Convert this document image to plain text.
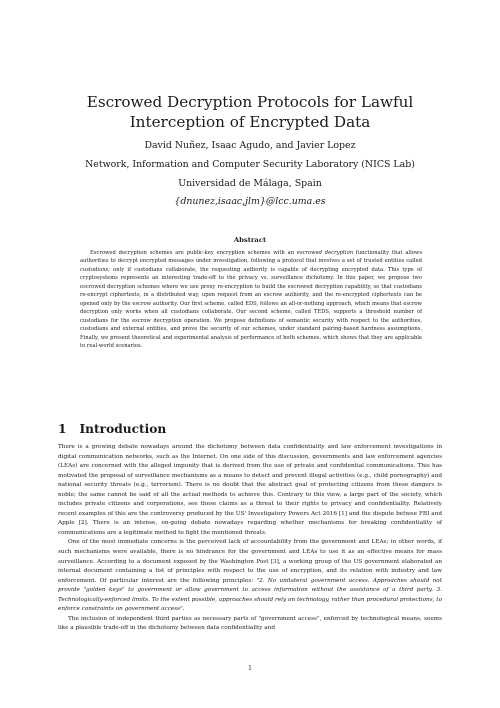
Escrowed Decryption Protocols for Lawful Interception of Encrypted Data

David Nuñez, Isaac Agudo, and Javier Lopez

Network, Information and Computer Security Laboratory (NICS Lab)

Universidad de Málaga, Spain

{dnunez,isaac,jlm}@lcc.uma.es

Abstract

Escrowed decryption schemes are public-key encryption schemes with an escrowed decryption functionality that allows authorities to decrypt encrypted messages under investigation, following a protocol that involves a set of trusted entities called custodians; only if custodians collaborate, the requesting authority is capable of decrypting encrypted data. This type of cryptosystems represents an interesting trade-off to the privacy vs. surveillance dichotomy. In this paper, we propose two escrowed decryption schemes where we use proxy re-encryption to build the escrowed decryption capability, so that custodians re-encrypt ciphertexts, in a distributed way, upon request from an escrow authority, and the re-encrypted ciphertexts can be opened only by the escrow authority. Our first scheme, called EDS, follows an all-or-nothing approach, which means that escrow decryption only works when all custodians collaborate. Our second scheme, called TEDS, supports a threshold number of custodians for the escrow decryption operation. We propose definitions of semantic security with respect to the authorities, custodians and external entities, and prove the security of our schemes, under standard pairing-based hardness assumptions. Finally, we present theoretical and experimental analysis of performance of both schemes, which shows that they are applicable to real-world scenarios.

1 Introduction

There is a growing debate nowadays around the dichotomy between data confidentiality and law enforcement investigations in digital communication networks, such as the Internet. On one side of this discussion, governments and law enforcement agencies (LEAs) are concerned with the alleged impunity that is derived from the use of private and confidential communications. This has motivated the proposal of surveillance mechanisms as a means to detect and prevent illegal activities (e.g., child pornography) and national security threats (e.g., terrorism). There is no doubt that the abstract goal of protecting citizens from these dangers is noble; the same cannot be said of all the actual methods to achieve this. Contrary to this view, a large part of the society, which includes private citizens and corporations, see these claims as a threat to their rights to privacy and confidentiality. Relatively recent examples of this are the controversy produced by the US' Investigatory Powers Act 2016 [1] and the dispute betwee FBI and Apple [2]. There is an intense, on-going debate nowadays regarding whether mechanisms for breaking confidentiality of communications are a legitimate method to fight the mentioned threats.

One of the most immediate concerns is the perceived lack of accountability from the government and LEAs; in other words, if such mechanisms were available, there is no hindrance for the government and LEAs to use it as an effective means for mass surveillance. According to a document exposed by the Washington Post [3], a working group of the US government elaborated an internal document containing a list of principles with respect to the use of encryption, and its relation with industry and law enforcement. Of particular interest are the following principles: "2. No unilateral government access. Approaches should not provide "golden keys" to government or allow government to access information without the assistance of a third party. 3. Technologically-enforced limits. To the extent possible, approaches should rely on technology, rather than procedural protections, to enforce constraints on government access".

The inclusion of independent third parties as necessary parts of "government access", enforced by technological means, seems like a plausible trade-off in the dichotomy between data confidentiality and

1
